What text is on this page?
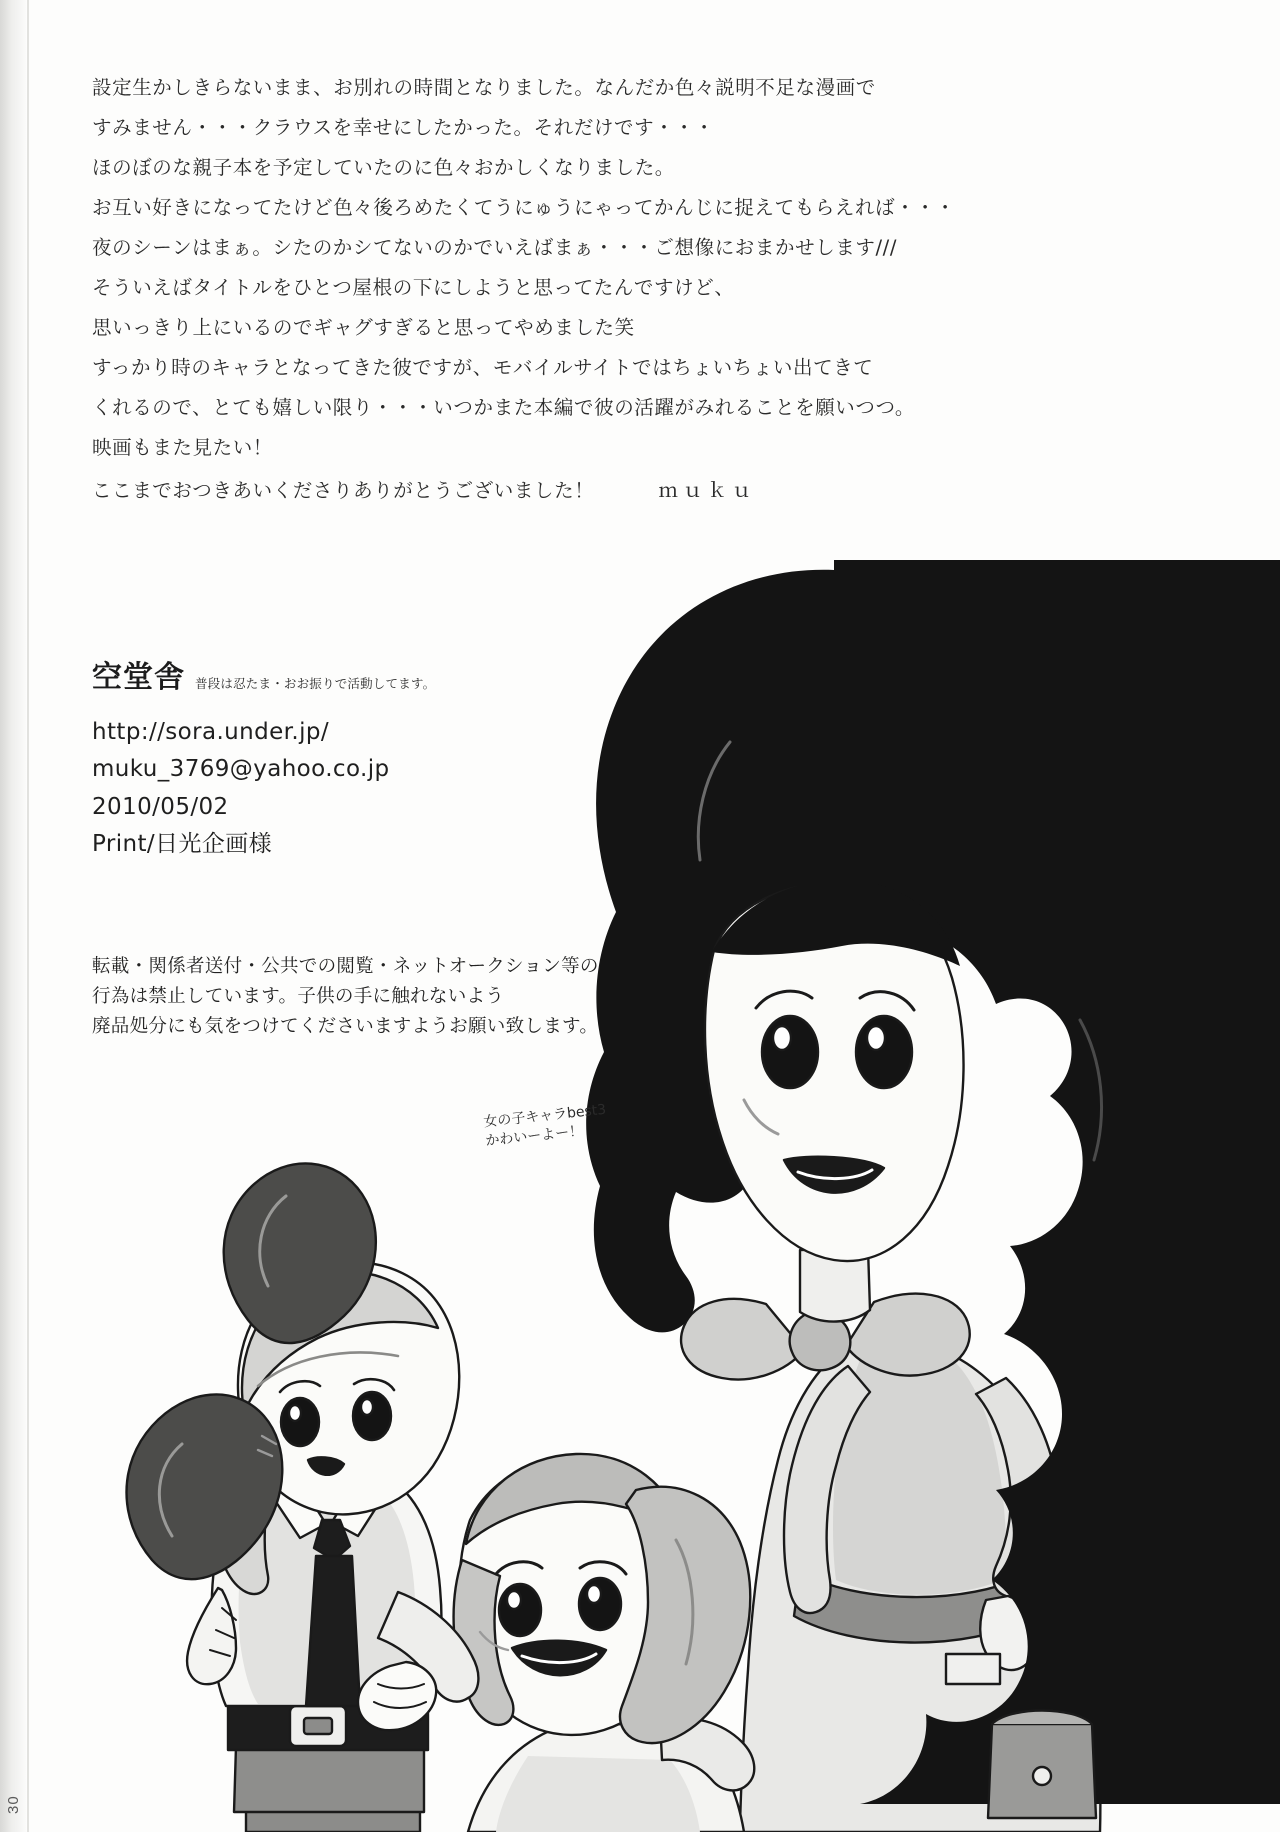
30

設定生かしきらないまま、お別れの時間となりました。なんだか色々説明不足な漫画で

すみません・・・クラウスを幸せにしたかった。それだけです・・・

ほのぼのな親子本を予定していたのに色々おかしくなりました。

お互い好きになってたけど色々後ろめたくてうにゅうにゃってかんじに捉えてもらえれば・・・

夜のシーンはまぁ。シたのかシてないのかでいえばまぁ・・・ご想像におまかせします///

そういえばタイトルをひとつ屋根の下にしようと思ってたんですけど、

思いっきり上にいるのでギャグすぎると思ってやめました笑

すっかり時のキャラとなってきた彼ですが、モバイルサイトではちょいちょい出てきて

くれるので、とても嬉しい限り・・・いつかまた本編で彼の活躍がみれることを願いつつ。

映画もまた見たい！

ここまでおつきあいくださりありがとうございました！	ｍｕｋｕ

空堂舎 普段は忍たま・おお振りで活動してます。
http://sora.under.jp/
muku_3769@yahoo.co.jp
2010/05/02
Print/日光企画様
転載・関係者送付・公共での閲覧・ネットオークション等の
行為は禁止しています。子供の手に触れないよう
廃品処分にも気をつけてくださいますようお願い致します。
女の子キャラbest3
かわいーよー！
